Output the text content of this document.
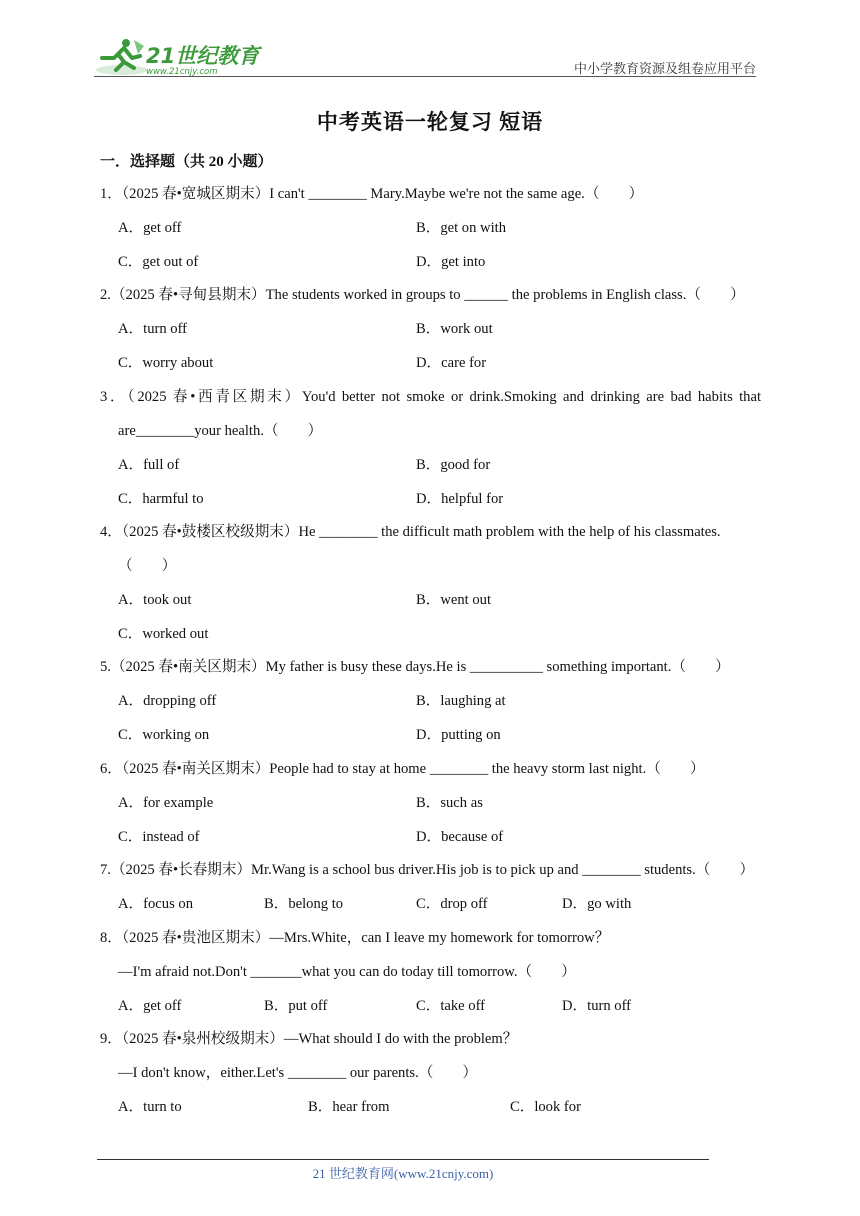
21世纪教育
www.21cnjy.com	中小学教育资源及组卷应用平台
中考英语一轮复习 短语
一．选择题（共 20 小题）
1．（2025 春•宽城区期末）I can't ________ Mary.Maybe we're not the same age.（　　）
A．get off	B．get on with
C．get out of	D．get into
2.（2025 春•寻甸县期末）The students worked in groups to ______ the problems in English class.（　　）
A．turn off	B．work out
C．worry about	D．care for
3．（2025 春•西青区期末）You'd better not smoke or drink.Smoking and drinking are bad habits that
are________your health.（　　）
A．full of	B．good for
C．harmful to	D．helpful for
4．（2025 春•鼓楼区校级期末）He ________ the difficult math problem with the help of his classmates.
（　　）
A．took out	B．went out
C．worked out
5.（2025 春•南关区期末）My father is busy these days.He is __________ something important.（　　）
A．dropping off	B．laughing at
C．working on	D．putting on
6．（2025 春•南关区期末）People had to stay at home ________ the heavy storm last night.（　　）
A．for example	B．such as
C．instead of	D．because of
7.（2025 春•长春期末）Mr.Wang is a school bus driver.His job is to pick up and ________ students.（　　）
A．focus on	B．belong to	C．drop off	D．go with
8．（2025 春•贵池区期末）—Mrs.White，can I leave my homework for tomorrow？
—I'm afraid not.Don't _______what you can do today till tomorrow.（　　）
A．get off	B．put off	C．take off	D．turn off
9．（2025 春•泉州校级期末）—What should I do with the problem？
—I don't know，either.Let's ________ our parents.（　　）
A．turn to	B．hear from	C．look for
21 世纪教育网(www.21cnjy.com)
